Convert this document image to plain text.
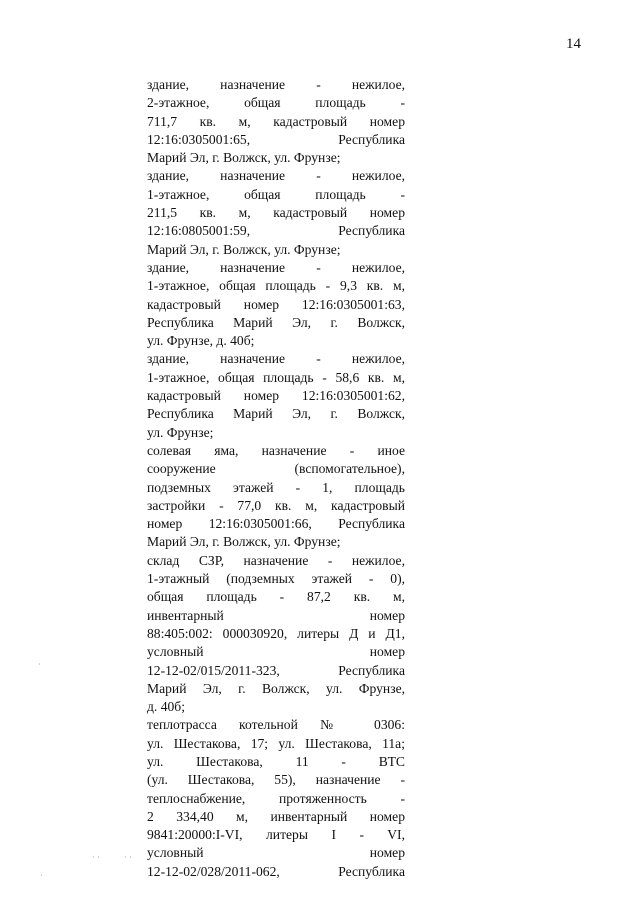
14
здание, назначение - нежилое,
2-этажное, общая площадь -
711,7 кв. м, кадастровый номер
12:16:0305001:65, Республика
Марий Эл, г. Волжск, ул. Фрунзе;
здание, назначение - нежилое,
1-этажное, общая площадь -
211,5 кв. м, кадастровый номер
12:16:0805001:59, Республика
Марий Эл, г. Волжск, ул. Фрунзе;
здание, назначение - нежилое,
1-этажное, общая площадь - 9,3 кв. м,
кадастровый номер 12:16:0305001:63,
Республика Марий Эл, г. Волжск,
ул. Фрунзе, д. 40б;
здание, назначение - нежилое,
1-этажное, общая площадь - 58,6 кв. м,
кадастровый номер 12:16:0305001:62,
Республика Марий Эл, г. Волжск,
ул. Фрунзе;
солевая яма, назначение - иное
сооружение (вспомогательное),
подземных этажей - 1, площадь
застройки - 77,0 кв. м, кадастровый
номер 12:16:0305001:66, Республика
Марий Эл, г. Волжск, ул. Фрунзе;
склад СЗР, назначение - нежилое,
1-этажный (подземных этажей - 0),
общая площадь - 87,2 кв. м,
инвентарный номер
88:405:002: 000030920, литеры Д и Д1,
условный номер
12-12-02/015/2011-323, Республика
Марий Эл, г. Волжск, ул. Фрунзе,
д. 40б;
теплотрасса котельной № 0306:
ул. Шестакова, 17; ул. Шестакова, 11а;
ул. Шестакова, 11 - ВТС
(ул. Шестакова, 55), назначение -
теплоснабжение, протяженность -
2 334,40 м, инвентарный номер
9841:20000:I-VI, литеры I - VI,
условный номер
12-12-02/028/2011-062, Республика
· ·	· ·
·
·
